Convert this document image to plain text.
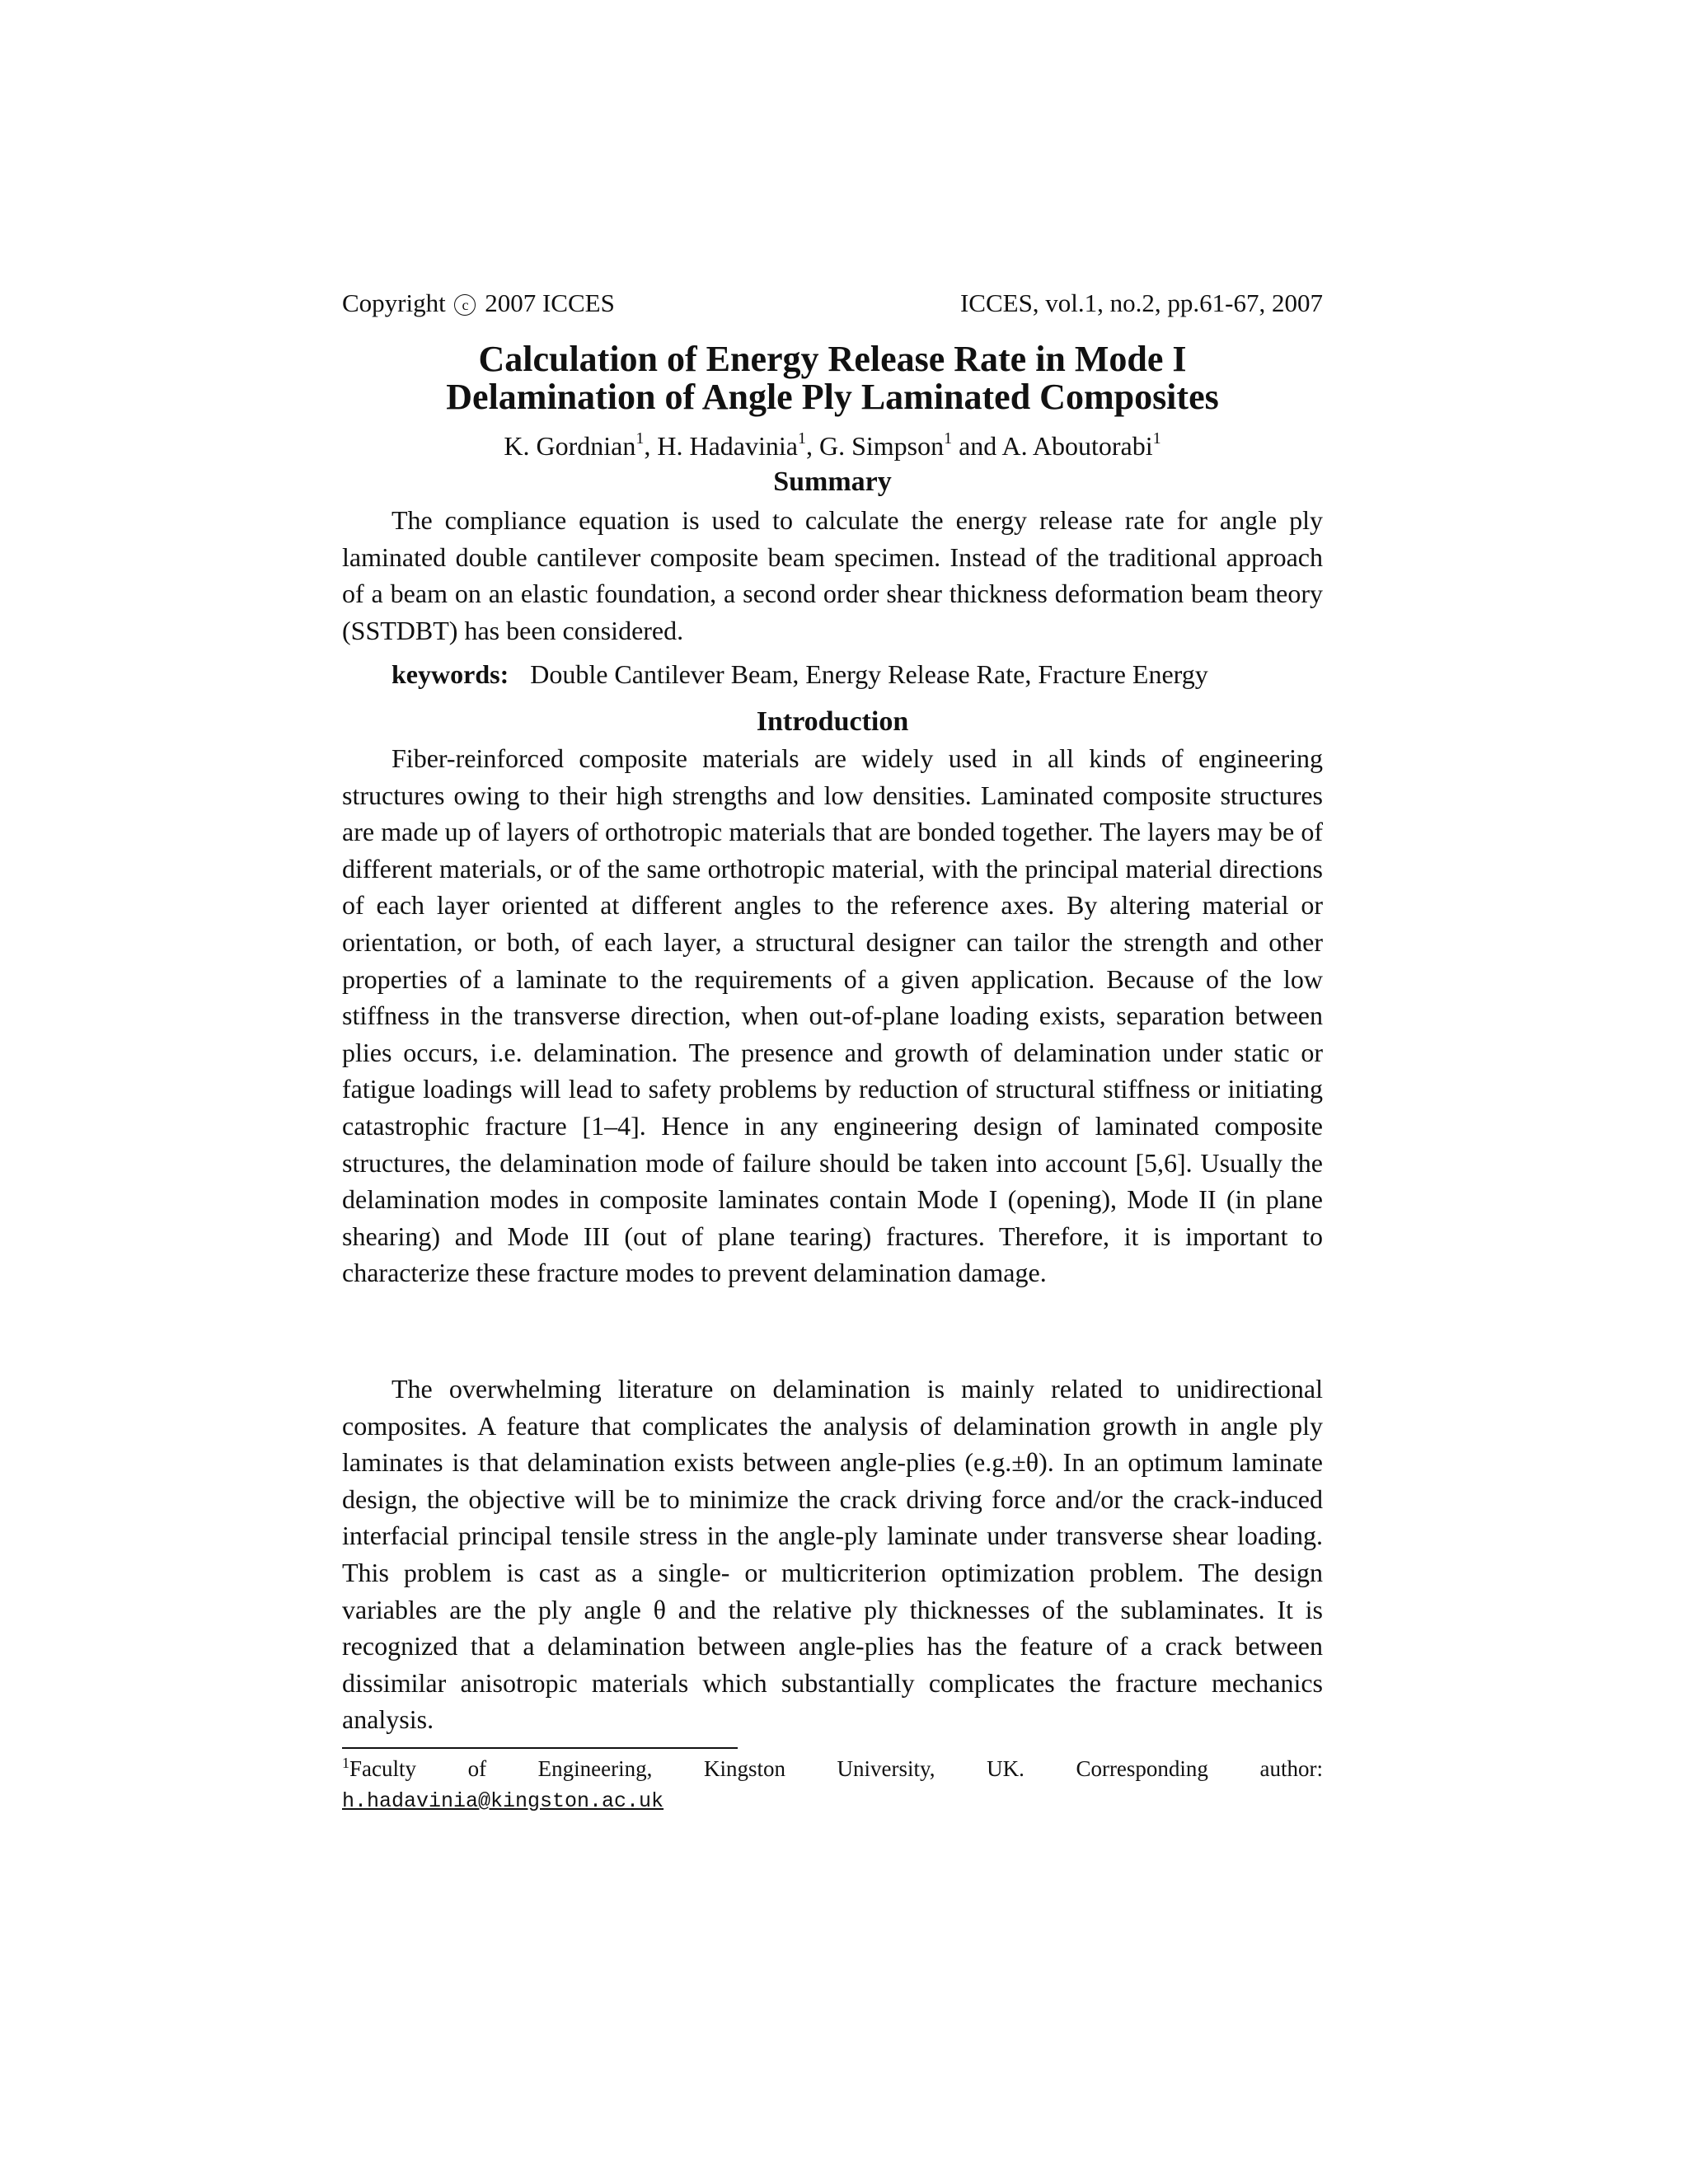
Copyright c 2007 ICCES	ICCES, vol.1, no.2, pp.61-67, 2007
Calculation of Energy Release Rate in Mode I
Delamination of Angle Ply Laminated Composites
K. Gordnian$^1$, H. Hadavinia$^1$, G. Simpson$^1$ and A. Aboutorabi$^1$
Summary

The compliance equation is used to calculate the energy release rate for angle ply laminated double cantilever composite beam specimen. Instead of the traditional approach of a beam on an elastic foundation, a second order shear thickness deformation beam theory (SSTDBT) has been considered.

keywords: Double Cantilever Beam, Energy Release Rate, Fracture Energy
Introduction

Fiber-reinforced composite materials are widely used in all kinds of engineering structures owing to their high strengths and low densities. Laminated composite structures are made up of layers of orthotropic materials that are bonded together. The layers may be of different materials, or of the same orthotropic material, with the principal material directions of each layer oriented at different angles to the reference axes. By altering material or orientation, or both, of each layer, a structural designer can tailor the strength and other properties of a laminate to the requirements of a given application. Because of the low stiffness in the transverse direction, when out-of-plane loading exists, separation between plies occurs, i.e. delamination. The presence and growth of delamination under static or fatigue loadings will lead to safety problems by reduction of structural stiffness or initiating catastrophic fracture [1–4]. Hence in any engineering design of laminated composite structures, the delamination mode of failure should be taken into account [5,6]. Usually the delamination modes in composite laminates contain Mode I (opening), Mode II (in plane shearing) and Mode III (out of plane tearing) fractures. Therefore, it is important to characterize these fracture modes to prevent delamination damage.

The overwhelming literature on delamination is mainly related to unidirectional composites. A feature that complicates the analysis of delamination growth in angle ply laminates is that delamination exists between angle-plies (e.g.±θ). In an optimum laminate design, the objective will be to minimize the crack driving force and/or the crack-induced interfacial principal tensile stress in the angle-ply laminate under transverse shear loading. This problem is cast as a single- or multicriterion optimization problem. The design variables are the ply angle θ and the relative ply thicknesses of the sublaminates. It is recognized that a delamination between angle-plies has the feature of a crack between dissimilar anisotropic materials which substantially complicates the fracture mechanics analysis.

$^1$Faculty of Engineering, Kingston University, UK. Corresponding author:
h.hadavinia@kingston.ac.uk
